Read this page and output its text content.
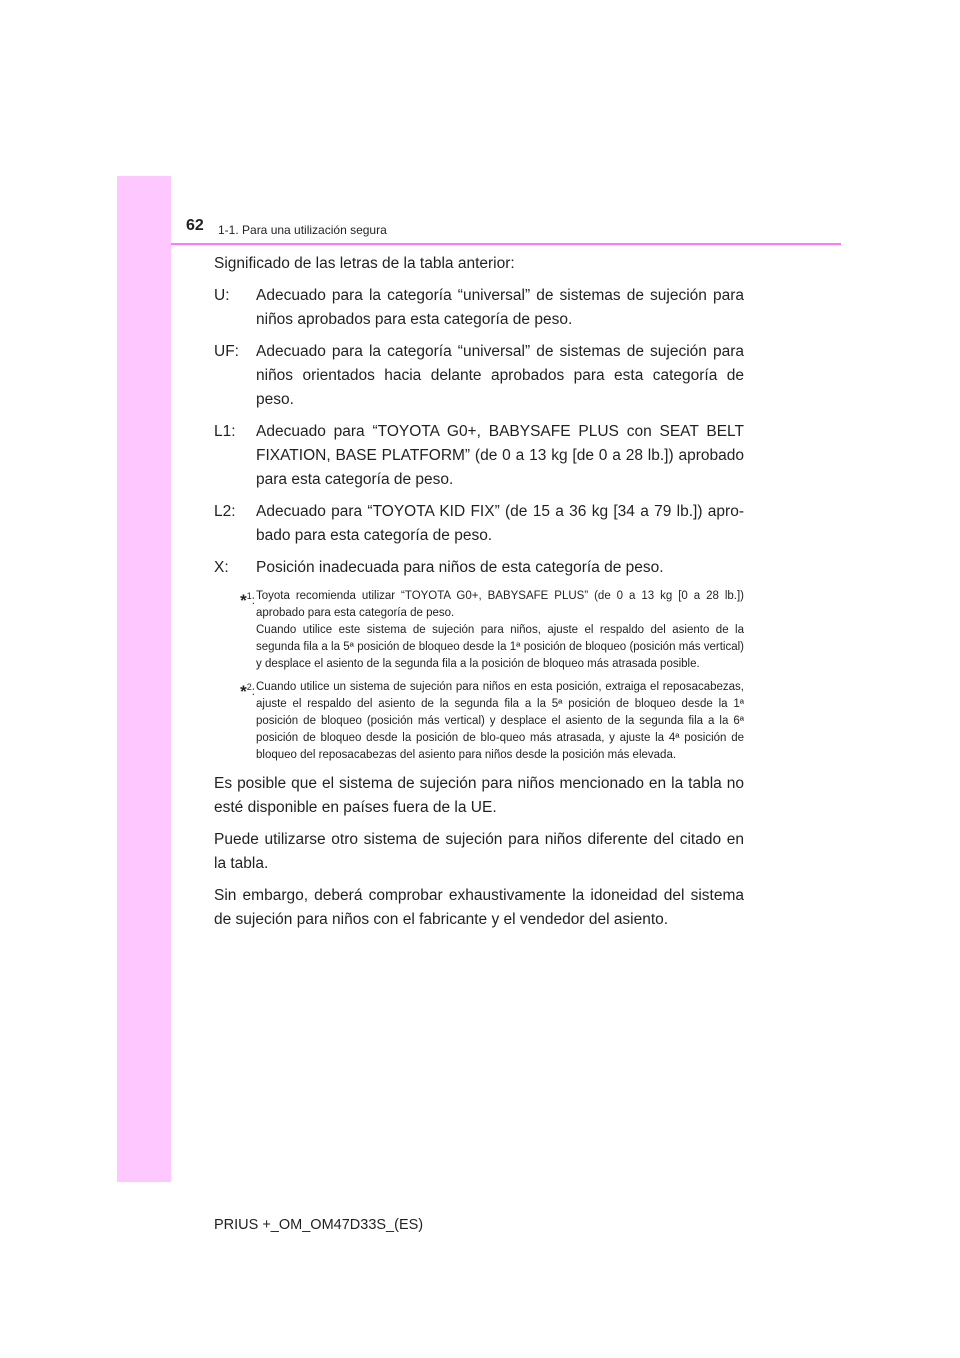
62 1-1. Para una utilización segura

Significado de las letras de la tabla anterior:

U:	Adecuado para la categoría “universal” de sistemas de sujeción para niños aprobados para esta categoría de peso.
UF:	Adecuado para la categoría “universal” de sistemas de sujeción para niños orientados hacia delante aprobados para esta categoría de peso.
L1:	Adecuado para “TOYOTA G0+, BABYSAFE PLUS con SEAT BELT FIXATION, BASE PLATFORM” (de 0 a 13 kg [de 0 a 28 lb.]) aprobado para esta categoría de peso.
L2:	Adecuado para “TOYOTA KID FIX” (de 15 a 36 kg [34 a 79 lb.]) apro-bado para esta categoría de peso.
X:	Posición inadecuada para niños de esta categoría de peso.
*$^1$: Toyota recomienda utilizar “TOYOTA G0+, BABYSAFE PLUS” (de 0 a 13 kg [0 a 28 lb.]) aprobado para esta categoría de peso.

Cuando utilice este sistema de sujeción para niños, ajuste el respaldo del asiento de la segunda fila a la 5ª posición de bloqueo desde la 1ª posición de bloqueo (posición más vertical) y desplace el asiento de la segunda fila a la posición de bloqueo más atrasada posible.

*$^2$: Cuando utilice un sistema de sujeción para niños en esta posición, extraiga el reposacabezas, ajuste el respaldo del asiento de la segunda fila a la 5ª posición de bloqueo desde la 1ª posición de bloqueo (posición más vertical) y desplace el asiento de la segunda fila a la 6ª posición de bloqueo desde la posición de blo-queo más atrasada, y ajuste la 4ª posición de bloqueo del reposacabezas del asiento para niños desde la posición más elevada.

Es posible que el sistema de sujeción para niños mencionado en la tabla no esté disponible en países fuera de la UE.

Puede utilizarse otro sistema de sujeción para niños diferente del citado en la tabla.

Sin embargo, deberá comprobar exhaustivamente la idoneidad del sistema de sujeción para niños con el fabricante y el vendedor del asiento.

PRIUS +_OM_OM47D33S_(ES)
